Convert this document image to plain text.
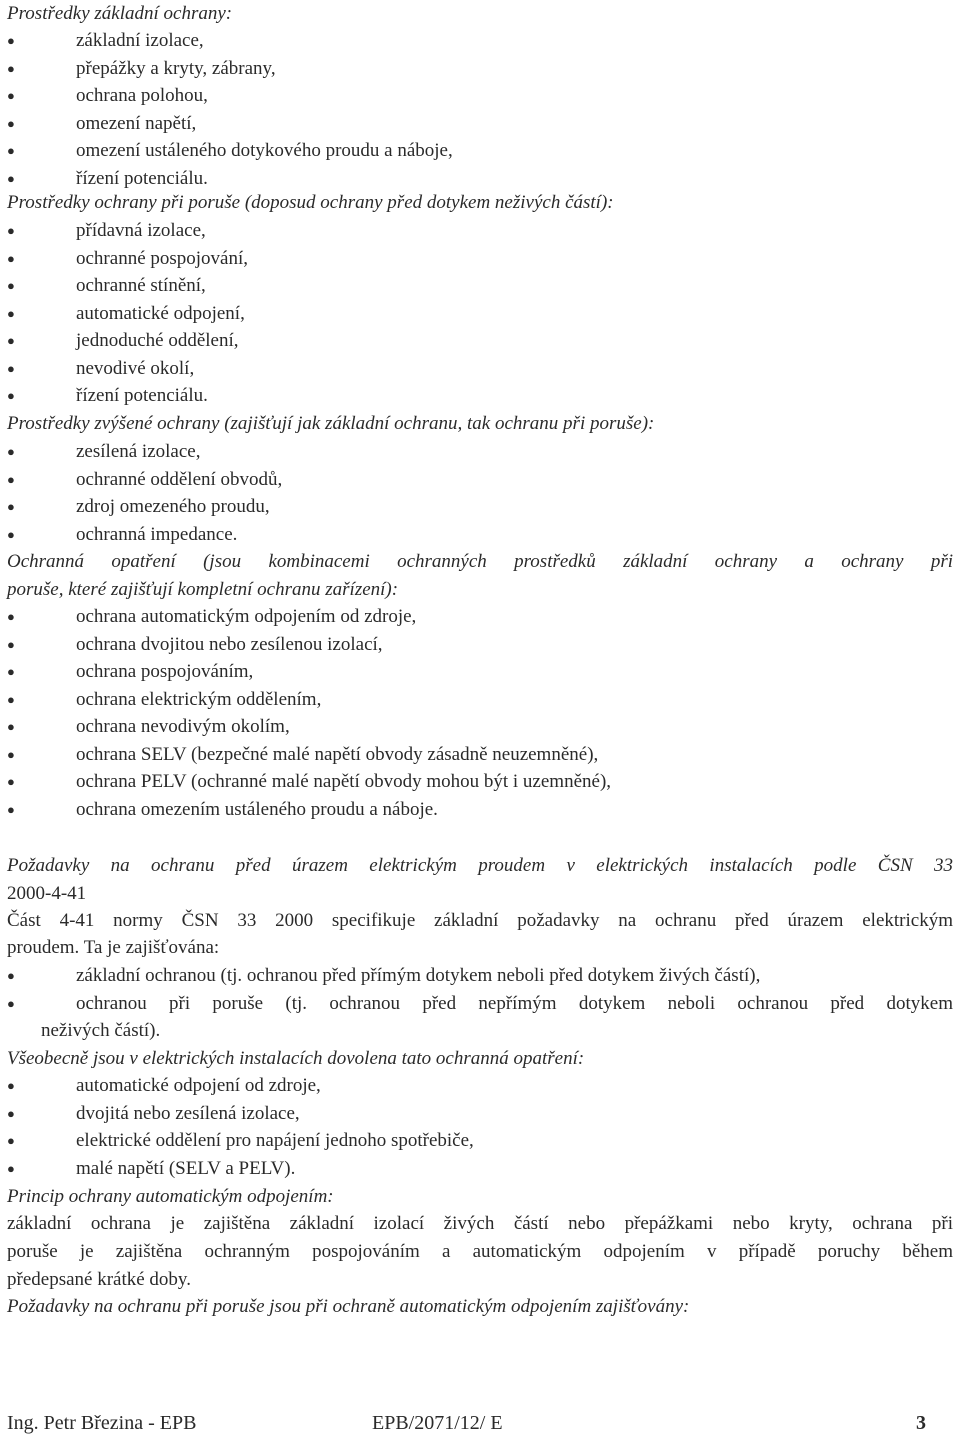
Prostředky základní ochrany:
●	základní izolace,
●	přepážky a kryty, zábrany,
●	ochrana polohou,
●	omezení napětí,
●	omezení ustáleného dotykového proudu a náboje,
●	řízení potenciálu.
Prostředky ochrany při poruše (doposud ochrany před dotykem neživých částí):
●	přídavná izolace,
●	ochranné pospojování,
●	ochranné stínění,
●	automatické odpojení,
●	jednoduché oddělení,
●	nevodivé okolí,
●	řízení potenciálu.
Prostředky zvýšené ochrany (zajišťují jak základní ochranu, tak ochranu při poruše):
●	zesílená izolace,
●	ochranné oddělení obvodů,
●	zdroj omezeného proudu,
●	ochranná impedance.
Ochranná opatření (jsou kombinacemi ochranných prostředků základní ochrany a ochrany při
poruše, které zajišťují kompletní ochranu zařízení):
●	ochrana automatickým odpojením od zdroje,
●	ochrana dvojitou nebo zesílenou izolací,
●	ochrana pospojováním,
●	ochrana elektrickým oddělením,
●	ochrana nevodivým okolím,
●	ochrana SELV (bezpečné malé napětí obvody zásadně neuzemněné),
●	ochrana PELV (ochranné malé napětí obvody mohou být i uzemněné),
●	ochrana omezením ustáleného proudu a náboje.
Požadavky na ochranu před úrazem elektrickým proudem v elektrických instalacích podle ČSN 33
2000-4-41
Část 4-41 normy ČSN 33 2000 specifikuje základní požadavky na ochranu před úrazem elektrickým
proudem. Ta je zajišťována:
●	základní ochranou (tj. ochranou před přímým dotykem neboli před dotykem živých částí),
●	ochranou při poruše (tj. ochranou před nepřímým dotykem neboli ochranou před dotykem
neživých částí).
Všeobecně jsou v elektrických instalacích dovolena tato ochranná opatření:
●	automatické odpojení od zdroje,
●	dvojitá nebo zesílená izolace,
●	elektrické oddělení pro napájení jednoho spotřebiče,
●	malé napětí (SELV a PELV).
Princip ochrany automatickým odpojením:
základní ochrana je zajištěna základní izolací živých částí nebo přepážkami nebo kryty, ochrana při
poruše je zajištěna ochranným pospojováním a automatickým odpojením v případě poruchy během
předepsané krátké doby.
Požadavky na ochranu při poruše jsou při ochraně automatickým odpojením zajišťovány:
Ing. Petr Březina - EPB	EPB/2071/12/ E	3
